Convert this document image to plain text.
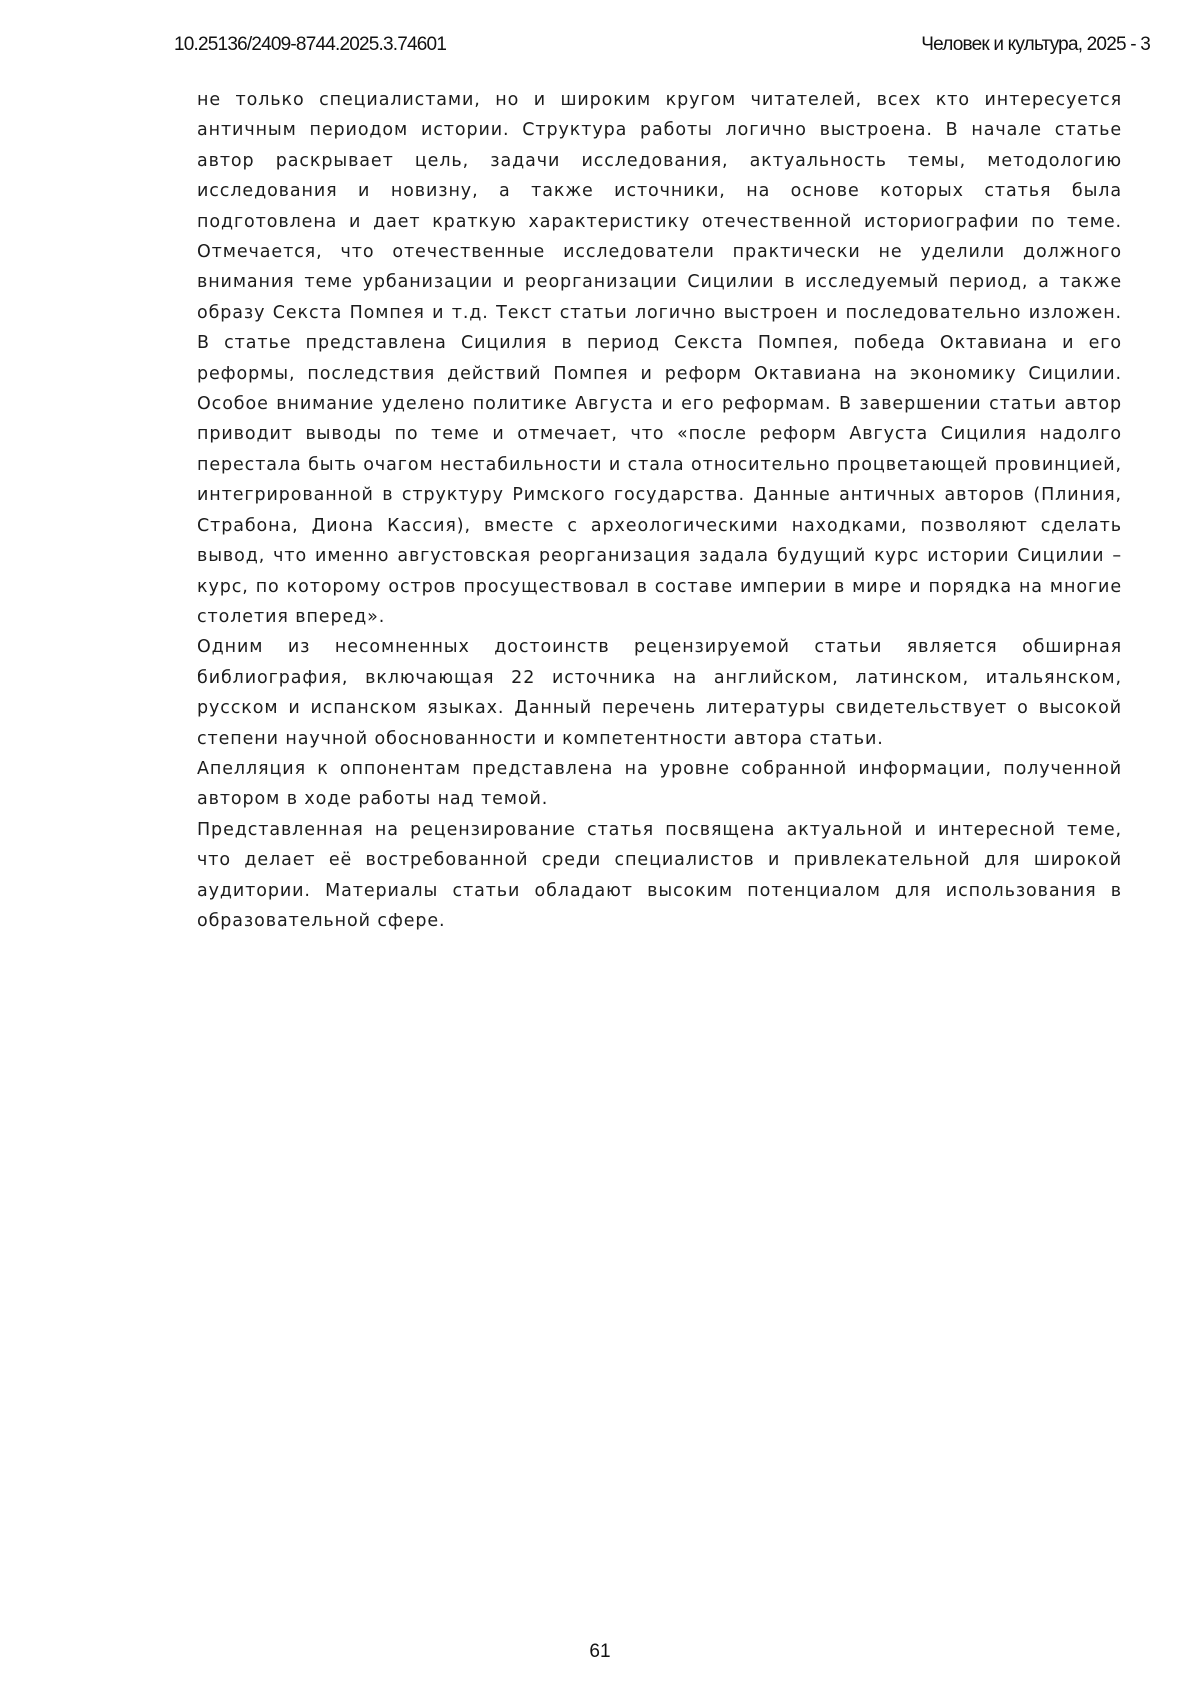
10.25136/2409-8744.2025.3.74601	Человек и культура, 2025 - 3

не только специалистами, но и широким кругом читателей, всех кто интересуется античным периодом истории. Структура работы логично выстроена. В начале статье автор раскрывает цель, задачи исследования, актуальность темы, методологию исследования и новизну, а также источники, на основе которых статья была подготовлена и дает краткую характеристику отечественной историографии по теме. Отмечается, что отечественные исследователи практически не уделили должного внимания теме урбанизации и реорганизации Сицилии в исследуемый период, а также образу Секста Помпея и т.д. Текст статьи логично выстроен и последовательно изложен. В статье представлена Сицилия в период Секста Помпея, победа Октавиана и его реформы, последствия действий Помпея и реформ Октавиана на экономику Сицилии. Особое внимание уделено политике Августа и его реформам. В завершении статьи автор приводит выводы по теме и отмечает, что «после реформ Августа Сицилия надолго перестала быть очагом нестабильности и стала относительно процветающей провинцией, интегрированной в структуру Римского государства. Данные античных авторов (Плиния, Страбона, Диона Кассия), вместе с археологическими находками, позволяют сделать вывод, что именно августовская реорганизация задала будущий курс истории Сицилии – курс, по которому остров просуществовал в составе империи в мире и порядка на многие столетия вперед».

Одним из несомненных достоинств рецензируемой статьи является обширная библиография, включающая 22 источника на английском, латинском, итальянском, русском и испанском языках. Данный перечень литературы свидетельствует о высокой степени научной обоснованности и компетентности автора статьи.

Апелляция к оппонентам представлена на уровне собранной информации, полученной автором в ходе работы над темой.

Представленная на рецензирование статья посвящена актуальной и интересной теме, что делает её востребованной среди специалистов и привлекательной для широкой аудитории. Материалы статьи обладают высоким потенциалом для использования в образовательной сфере.

61
